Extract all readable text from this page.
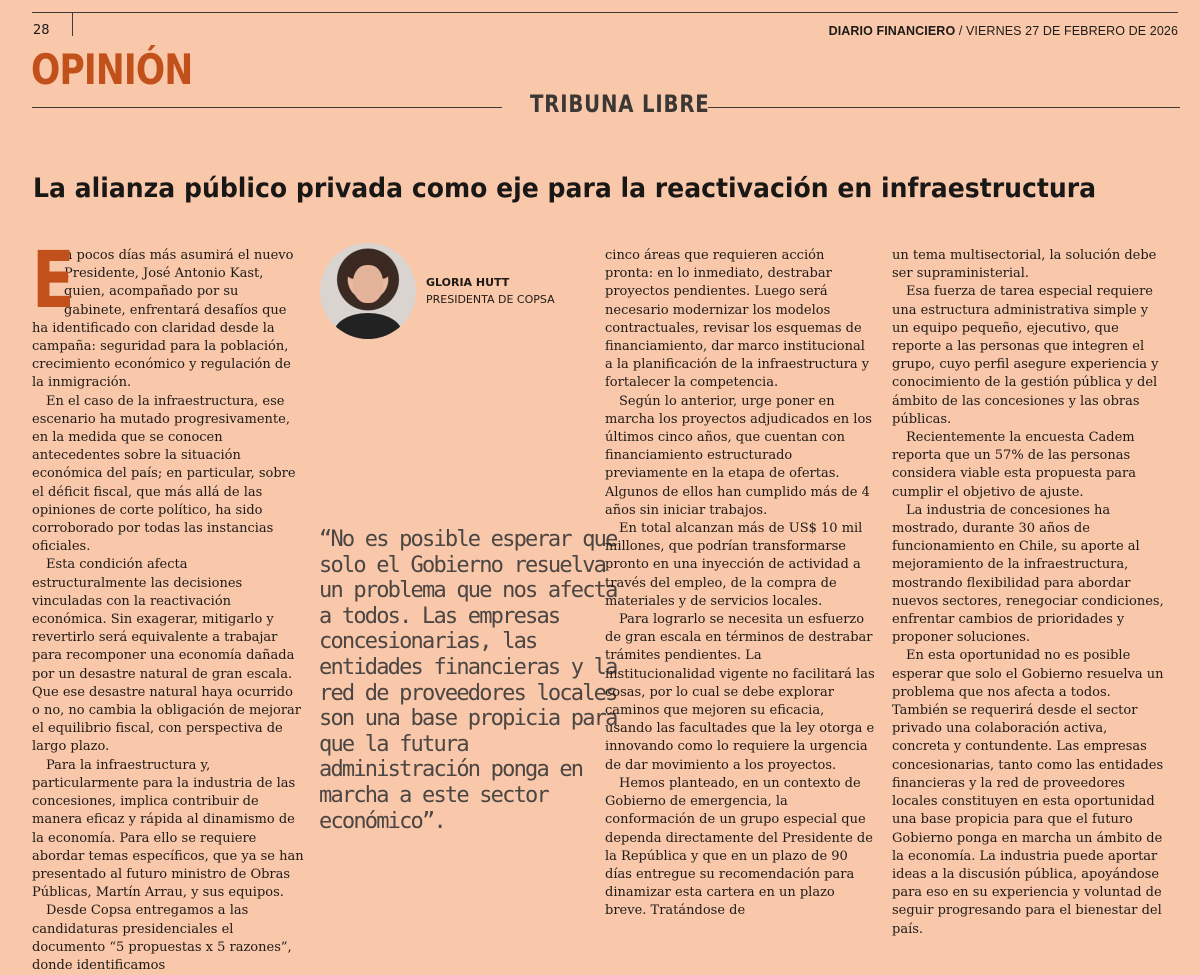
28	DIARIO FINANCIERO / VIERNES 27 DE FEBRERO DE 2026
OPINIÓN
TRIBUNA LIBRE
La alianza público privada como eje para la reactivación en infraestructura

E
n pocos días más asumirá el nuevo Presidente, José Antonio Kast, quien, acompañado por su gabinete, enfrentará desafíos que ha identificado con claridad desde la campaña: seguridad para la población, crecimiento económico y regulación de la inmigración.

En el caso de la infraestructura, ese escenario ha mutado progresivamente, en la medida que se conocen antecedentes sobre la situación económica del país; en particular, sobre el déficit fiscal, que más allá de las opiniones de corte político, ha sido corroborado por todas las instancias oficiales.

Esta condición afecta estructuralmente las decisiones vinculadas con la reactivación económica. Sin exagerar, mitigarlo y revertirlo será equivalente a trabajar para recomponer una economía dañada por un desastre natural de gran escala. Que ese desastre natural haya ocurrido o no, no cambia la obligación de mejorar el equilibrio fiscal, con perspectiva de largo plazo.

Para la infraestructura y, particularmente para la industria de las concesiones, implica contribuir de manera eficaz y rápida al dinamismo de la economía. Para ello se requiere abordar temas específicos, que ya se han presentado al futuro ministro de Obras Públicas, Martín Arrau, y sus equipos.

Desde Copsa entregamos a las candidaturas presidenciales el documento “5 propuestas x 5 razones”, donde identificamos

GLORIA HUTT
PRESIDENTA DE COPSA
“No es posible esperar que solo el Gobierno resuelva un problema que nos afecta a todos. Las empresas concesionarias, las entidades financieras y la red de proveedores locales son una base propicia para que la futura administración ponga en marcha a este sector económico”.

cinco áreas que requieren acción pronta: en lo inmediato, destrabar proyectos pendientes. Luego será necesario modernizar los modelos contractuales, revisar los esquemas de financiamiento, dar marco institucional a la planificación de la infraestructura y fortalecer la competencia.

Según lo anterior, urge poner en marcha los proyectos adjudicados en los últimos cinco años, que cuentan con financiamiento estructurado previamente en la etapa de ofertas. Algunos de ellos han cumplido más de 4 años sin iniciar trabajos.

En total alcanzan más de US$ 10 mil millones, que podrían transformarse pronto en una inyección de actividad a través del empleo, de la compra de materiales y de servicios locales.

Para lograrlo se necesita un esfuerzo de gran escala en términos de destrabar trámites pendientes. La institucionalidad vigente no facilitará las cosas, por lo cual se debe explorar caminos que mejoren su eficacia, usando las facultades que la ley otorga e innovando como lo requiere la urgencia de dar movimiento a los proyectos.

Hemos planteado, en un contexto de Gobierno de emergencia, la conformación de un grupo especial que dependa directamente del Presidente de la República y que en un plazo de 90 días entregue su recomendación para dinamizar esta cartera en un plazo breve. Tratándose de

un tema multisectorial, la solución debe ser supraministerial.

Esa fuerza de tarea especial requiere una estructura administrativa simple y un equipo pequeño, ejecutivo, que reporte a las personas que integren el grupo, cuyo perfil asegure experiencia y conocimiento de la gestión pública y del ámbito de las concesiones y las obras públicas.

Recientemente la encuesta Cadem reporta que un 57% de las personas considera viable esta propuesta para cumplir el objetivo de ajuste.

La industria de concesiones ha mostrado, durante 30 años de funcionamiento en Chile, su aporte al mejoramiento de la infraestructura, mostrando flexibilidad para abordar nuevos sectores, renegociar condiciones, enfrentar cambios de prioridades y proponer soluciones.

En esta oportunidad no es posible esperar que solo el Gobierno resuelva un problema que nos afecta a todos. También se requerirá desde el sector privado una colaboración activa, concreta y contundente. Las empresas concesionarias, tanto como las entidades financieras y la red de proveedores locales constituyen en esta oportunidad una base propicia para que el futuro Gobierno ponga en marcha un ámbito de la economía. La industria puede aportar ideas a la discusión pública, apoyándose para eso en su experiencia y voluntad de seguir progresando para el bienestar del país.
